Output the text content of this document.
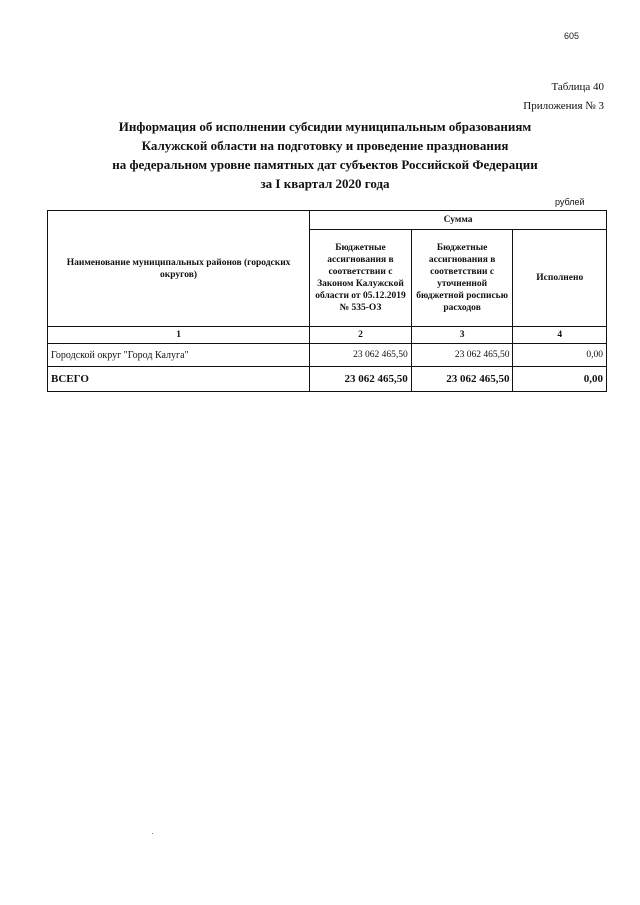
605
Таблица 40
Приложения № 3
Информация об исполнении субсидии муниципальным образованиям
Калужской области на подготовку и проведение празднования
на федеральном уровне памятных дат субъектов Российской Федерации
за I квартал 2020 года
рублей
Наименование муниципальных районов (городских округов)	Сумма		
	Бюджетные ассигнования в соответствии с Законом Калужской области от 05.12.2019 № 535-ОЗ	Бюджетные ассигнования в соответствии с уточненной бюджетной росписью расходов	Исполнено
1	2	3	4
Городской округ "Город Калуга"	23 062 465,50	23 062 465,50	0,00
ВСЕГО	23 062 465,50	23 062 465,50	0,00
